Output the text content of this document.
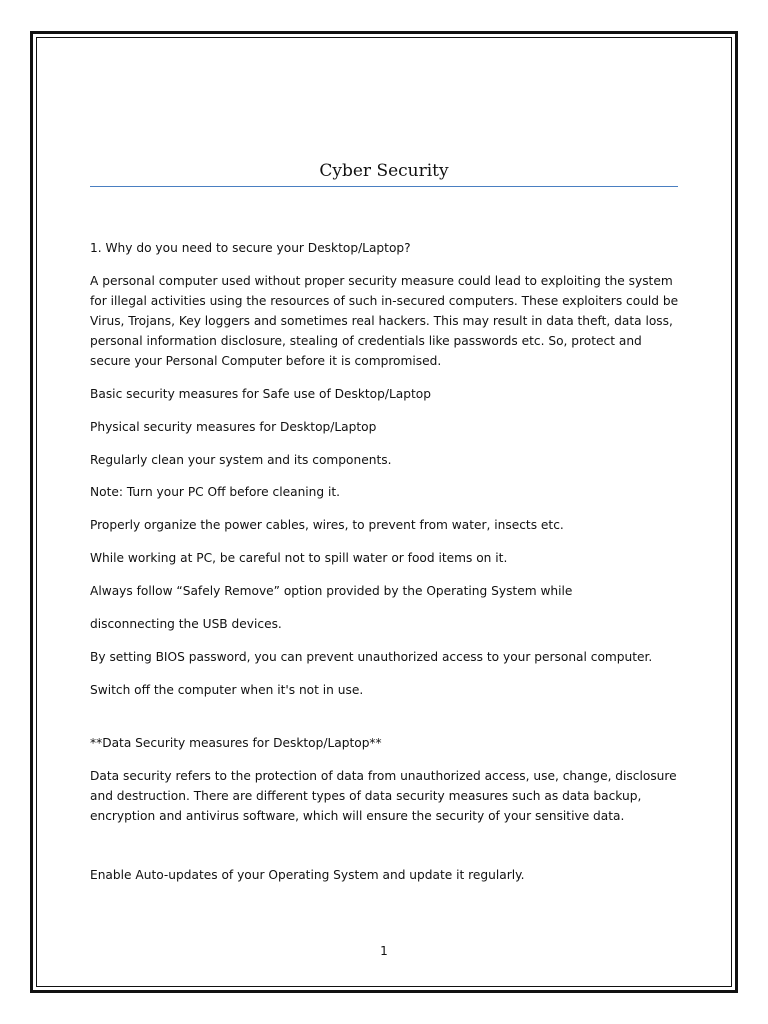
Cyber Security

1. Why do you need to secure your Desktop/Laptop?

A personal computer used without proper security measure could lead to exploiting the system for illegal activities using the resources of such in-secured computers. These exploiters could be Virus, Trojans, Key loggers and sometimes real hackers. This may result in data theft, data loss, personal information disclosure, stealing of credentials like passwords etc. So, protect and secure your Personal Computer before it is compromised.

Basic security measures for Safe use of Desktop/Laptop

Physical security measures for Desktop/Laptop

Regularly clean your system and its components.

Note: Turn your PC Off before cleaning it.

Properly organize the power cables, wires, to prevent from water, insects etc.

While working at PC, be careful not to spill water or food items on it.

Always follow “Safely Remove” option provided by the Operating System while

disconnecting the USB devices.

By setting BIOS password, you can prevent unauthorized access to your personal computer.

Switch off the computer when it's not in use.

**Data Security measures for Desktop/Laptop**

Data security refers to the protection of data from unauthorized access, use, change, disclosure and destruction. There are different types of data security measures such as data backup, encryption and antivirus software, which will ensure the security of your sensitive data.

Enable Auto-updates of your Operating System and update it regularly.

1
